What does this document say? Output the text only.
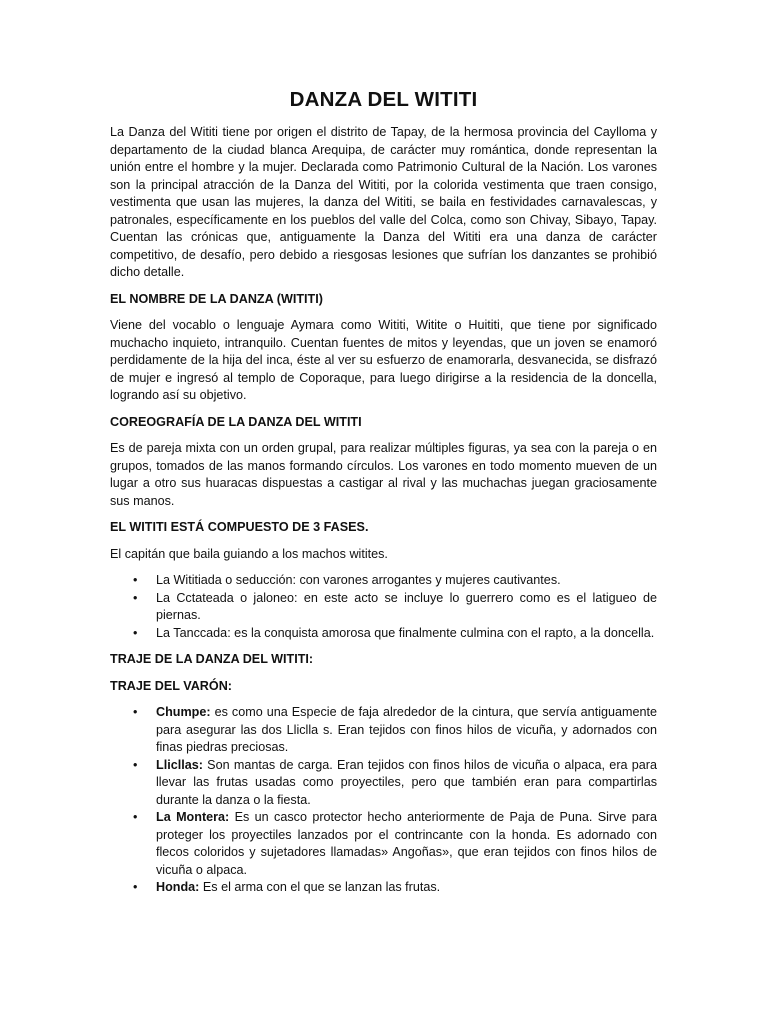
DANZA DEL WITITI

La Danza del Wititi tiene por origen el distrito de Tapay, de la hermosa provincia del Caylloma y departamento de la ciudad blanca Arequipa, de carácter muy romántica, donde representan la unión entre el hombre y la mujer. Declarada como Patrimonio Cultural de la Nación. Los varones son la principal atracción de la Danza del Wititi, por la colorida vestimenta que traen consigo, vestimenta que usan las mujeres, la danza del Wititi, se baila en festividades carnavalescas, y patronales, específicamente en los pueblos del valle del Colca, como son Chivay, Sibayo, Tapay. Cuentan las crónicas que, antiguamente la Danza del Wititi era una danza de carácter competitivo, de desafío, pero debido a riesgosas lesiones que sufrían los danzantes se prohibió dicho detalle.

EL NOMBRE DE LA DANZA (WITITI)

Viene del vocablo o lenguaje Aymara como Wititi, Witite o Huititi, que tiene por significado muchacho inquieto, intranquilo. Cuentan fuentes de mitos y leyendas, que un joven se enamoró perdidamente de la hija del inca, éste al ver su esfuerzo de enamorarla, desvanecida, se disfrazó de mujer e ingresó al templo de Coporaque, para luego dirigirse a la residencia de la doncella, logrando así su objetivo.

COREOGRAFÍA DE LA DANZA DEL WITITI

Es de pareja mixta con un orden grupal, para realizar múltiples figuras, ya sea con la pareja o en grupos, tomados de las manos formando círculos. Los varones en todo momento mueven de un lugar a otro sus huaracas dispuestas a castigar al rival y las muchachas juegan graciosamente sus manos.

EL WITITI ESTÁ COMPUESTO DE 3 FASES.

El capitán que baila guiando a los machos witites.

• La Wititiada o seducción: con varones arrogantes y mujeres cautivantes.
• La Cctateada o jaloneo: en este acto se incluye lo guerrero como es el latigueo de piernas.
• La Tanccada: es la conquista amorosa que finalmente culmina con el rapto, a la doncella.
TRAJE DE LA DANZA DEL WITITI:
TRAJE DEL VARÓN:
• Chumpe: es como una Especie de faja alrededor de la cintura, que servía antiguamente para asegurar las dos Lliclla s. Eran tejidos con finos hilos de vicuña, y adornados con finas piedras preciosas.
• Llicllas: Son mantas de carga. Eran tejidos con finos hilos de vicuña o alpaca, era para llevar las frutas usadas como proyectiles, pero que también eran para compartirlas durante la danza o la fiesta.
• La Montera: Es un casco protector hecho anteriormente de Paja de Puna. Sirve para proteger los proyectiles lanzados por el contrincante con la honda. Es adornado con flecos coloridos y sujetadores llamadas» Angoñas», que eran tejidos con finos hilos de vicuña o alpaca.
• Honda: Es el arma con el que se lanzan las frutas.
